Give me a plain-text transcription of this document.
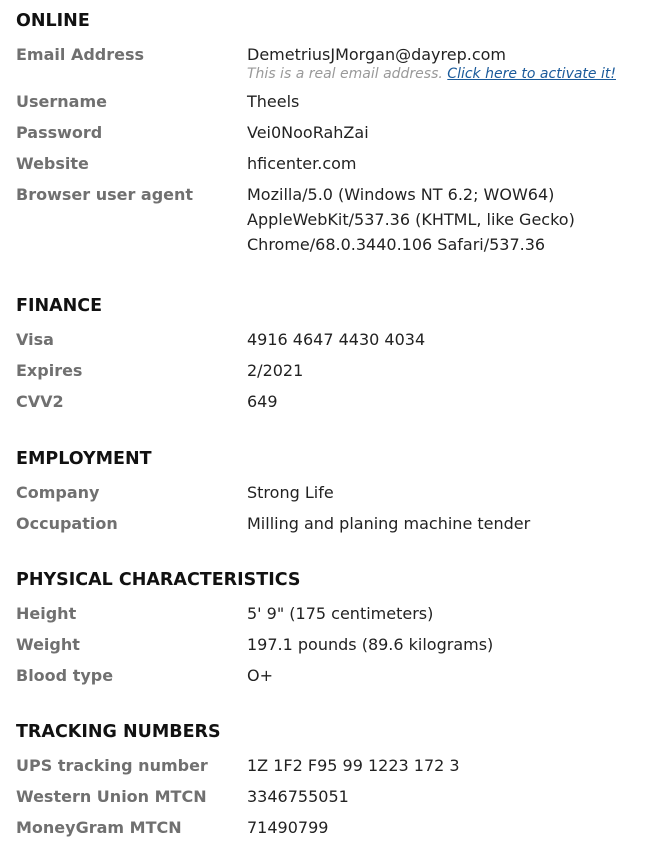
ONLINE
Email Address	DemetriusJMorgan@dayrep.com
This is a real email address. Click here to activate it!
Username	Theels
Password	Vei0NooRahZai
Website	hficenter.com
Browser user agent	Mozilla/5.0 (Windows NT 6.2; WOW64)
AppleWebKit/537.36 (KHTML, like Gecko)
Chrome/68.0.3440.106 Safari/537.36
FINANCE
Visa	4916 4647 4430 4034
Expires	2/2021
CVV2	649
EMPLOYMENT
Company	Strong Life
Occupation	Milling and planing machine tender
PHYSICAL CHARACTERISTICS
Height	5' 9" (175 centimeters)
Weight	197.1 pounds (89.6 kilograms)
Blood type	O+
TRACKING NUMBERS
UPS tracking number	1Z 1F2 F95 99 1223 172 3
Western Union MTCN	3346755051
MoneyGram MTCN	71490799
